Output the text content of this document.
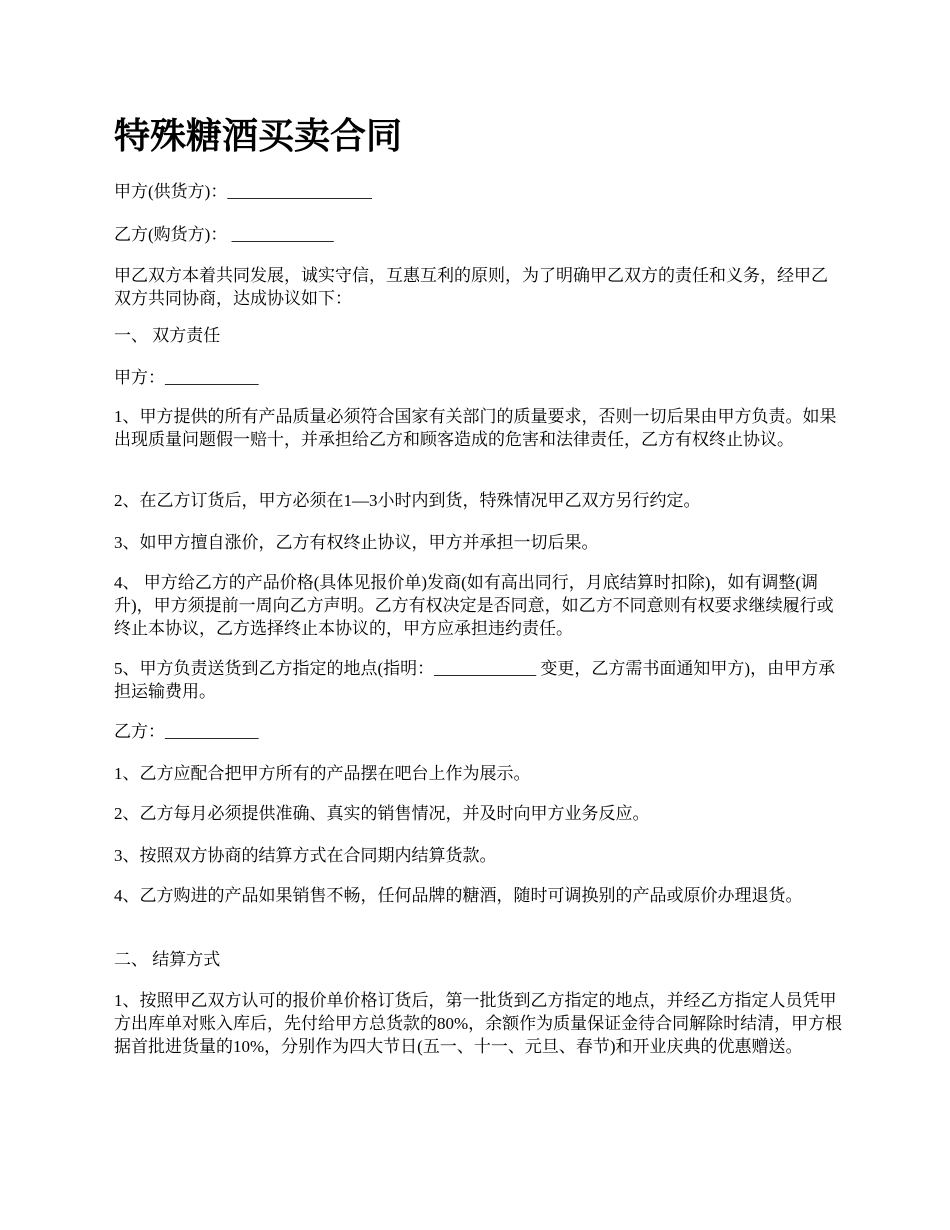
特殊糖酒买卖合同

甲方(供货方)：_________________

乙方(购货方)： ____________

甲乙双方本着共同发展，诚实守信，互惠互利的原则，为了明确甲乙双方的责任和义务，经甲乙双方共同协商，达成协议如下：

一、 双方责任

甲方：___________

1、甲方提供的所有产品质量必须符合国家有关部门的质量要求，否则一切后果由甲方负责。如果出现质量问题假一赔十，并承担给乙方和顾客造成的危害和法律责任，乙方有权终止协议。

2、在乙方订货后，甲方必须在1—3小时内到货，特殊情况甲乙双方另行约定。

3、如甲方擅自涨价，乙方有权终止协议，甲方并承担一切后果。

4、 甲方给乙方的产品价格(具体见报价单)发商(如有高出同行，月底结算时扣除)，如有调整(调升)，甲方须提前一周向乙方声明。乙方有权决定是否同意，如乙方不同意则有权要求继续履行或终止本协议，乙方选择终止本协议的，甲方应承担违约责任。

5、甲方负责送货到乙方指定的地点(指明：____________ 变更，乙方需书面通知甲方)，由甲方承担运输费用。

乙方：___________

1、乙方应配合把甲方所有的产品摆在吧台上作为展示。

2、乙方每月必须提供准确、真实的销售情况，并及时向甲方业务反应。

3、按照双方协商的结算方式在合同期内结算货款。

4、乙方购进的产品如果销售不畅，任何品牌的糖酒，随时可调换别的产品或原价办理退货。

二、 结算方式

1、按照甲乙双方认可的报价单价格订货后，第一批货到乙方指定的地点，并经乙方指定人员凭甲方出库单对账入库后，先付给甲方总货款的80%，余额作为质量保证金待合同解除时结清，甲方根据首批进货量的10%，分别作为四大节日(五一、十一、元旦、春节)和开业庆典的优惠赠送。
